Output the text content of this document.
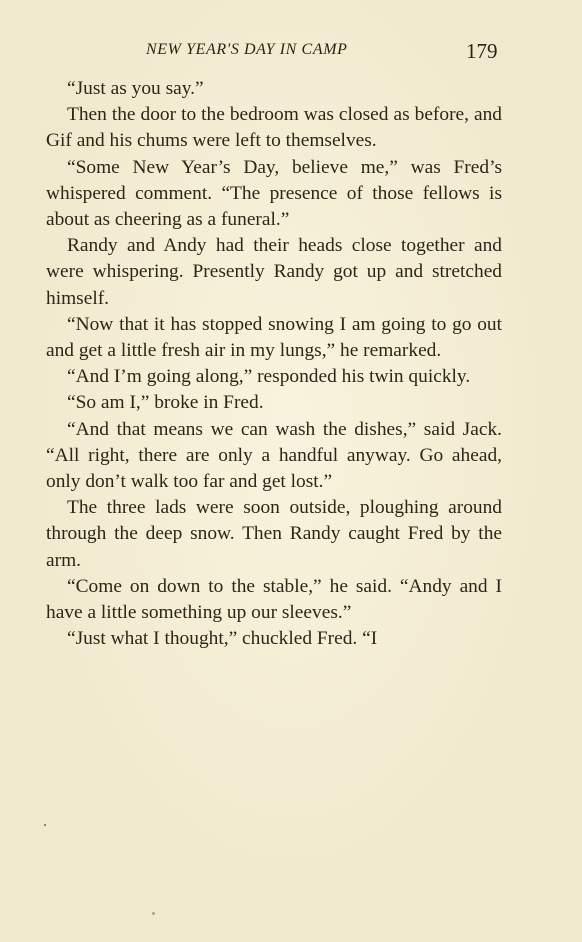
NEW YEAR'S DAY IN CAMP	179

“Just as you say.”

Then the door to the bedroom was closed as before, and Gif and his chums were left to themselves.

“Some New Year’s Day, believe me,” was Fred’s whispered comment. “The presence of those fellows is about as cheering as a funeral.”

Randy and Andy had their heads close together and were whispering. Presently Randy got up and stretched himself.

“Now that it has stopped snowing I am going to go out and get a little fresh air in my lungs,” he remarked.

“And I’m going along,” responded his twin quickly.

“So am I,” broke in Fred.

“And that means we can wash the dishes,” said Jack. “All right, there are only a handful anyway. Go ahead, only don’t walk too far and get lost.”

The three lads were soon outside, ploughing around through the deep snow. Then Randy caught Fred by the arm.

“Come on down to the stable,” he said. “Andy and I have a little something up our sleeves.”

“Just what I thought,” chuckled Fred. “I
